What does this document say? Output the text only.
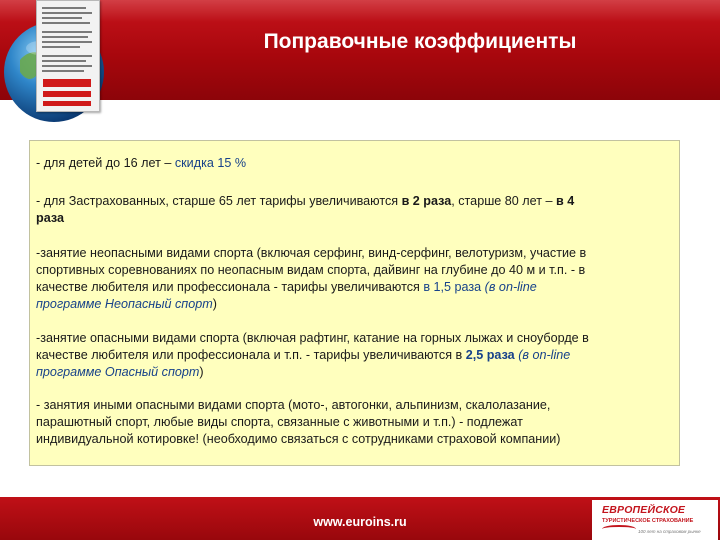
Поправочные коэффициенты

- для детей до 16 лет – скидка 15 %

- для Застрахованных, старше 65 лет тарифы увеличиваются в 2 раза, старше 80 лет – в 4
раза

-занятие неопасными видами спорта (включая серфинг, винд-серфинг, велотуризм, участие в
спортивных соревнованиях по неопасным видам спорта, дайвинг на глубине до 40 м и т.п. - в
качестве любителя или профессионала - тарифы увеличиваются в 1,5 раза (в on-line
программе Неопасный спорт)

-занятие опасными видами спорта (включая рафтинг, катание на горных лыжах и сноуборде в
качестве любителя или профессионала и т.п. - тарифы увеличиваются в 2,5 раза (в on-line
программе Опасный спорт)

- занятия иными опасными видами спорта (мото-, автогонки, альпинизм, скалолазание,
парашютный спорт, любые виды спорта, связанные с животными и т.п.) - подлежат
индивидуальной котировке! (необходимо связаться с сотрудниками страховой компании)

www.euroins.ru
ЕВРОПЕЙСКОЕ
ТУРИСТИЧЕСКОЕ СТРАХОВАНИЕ
100 лет на страховом рынке
